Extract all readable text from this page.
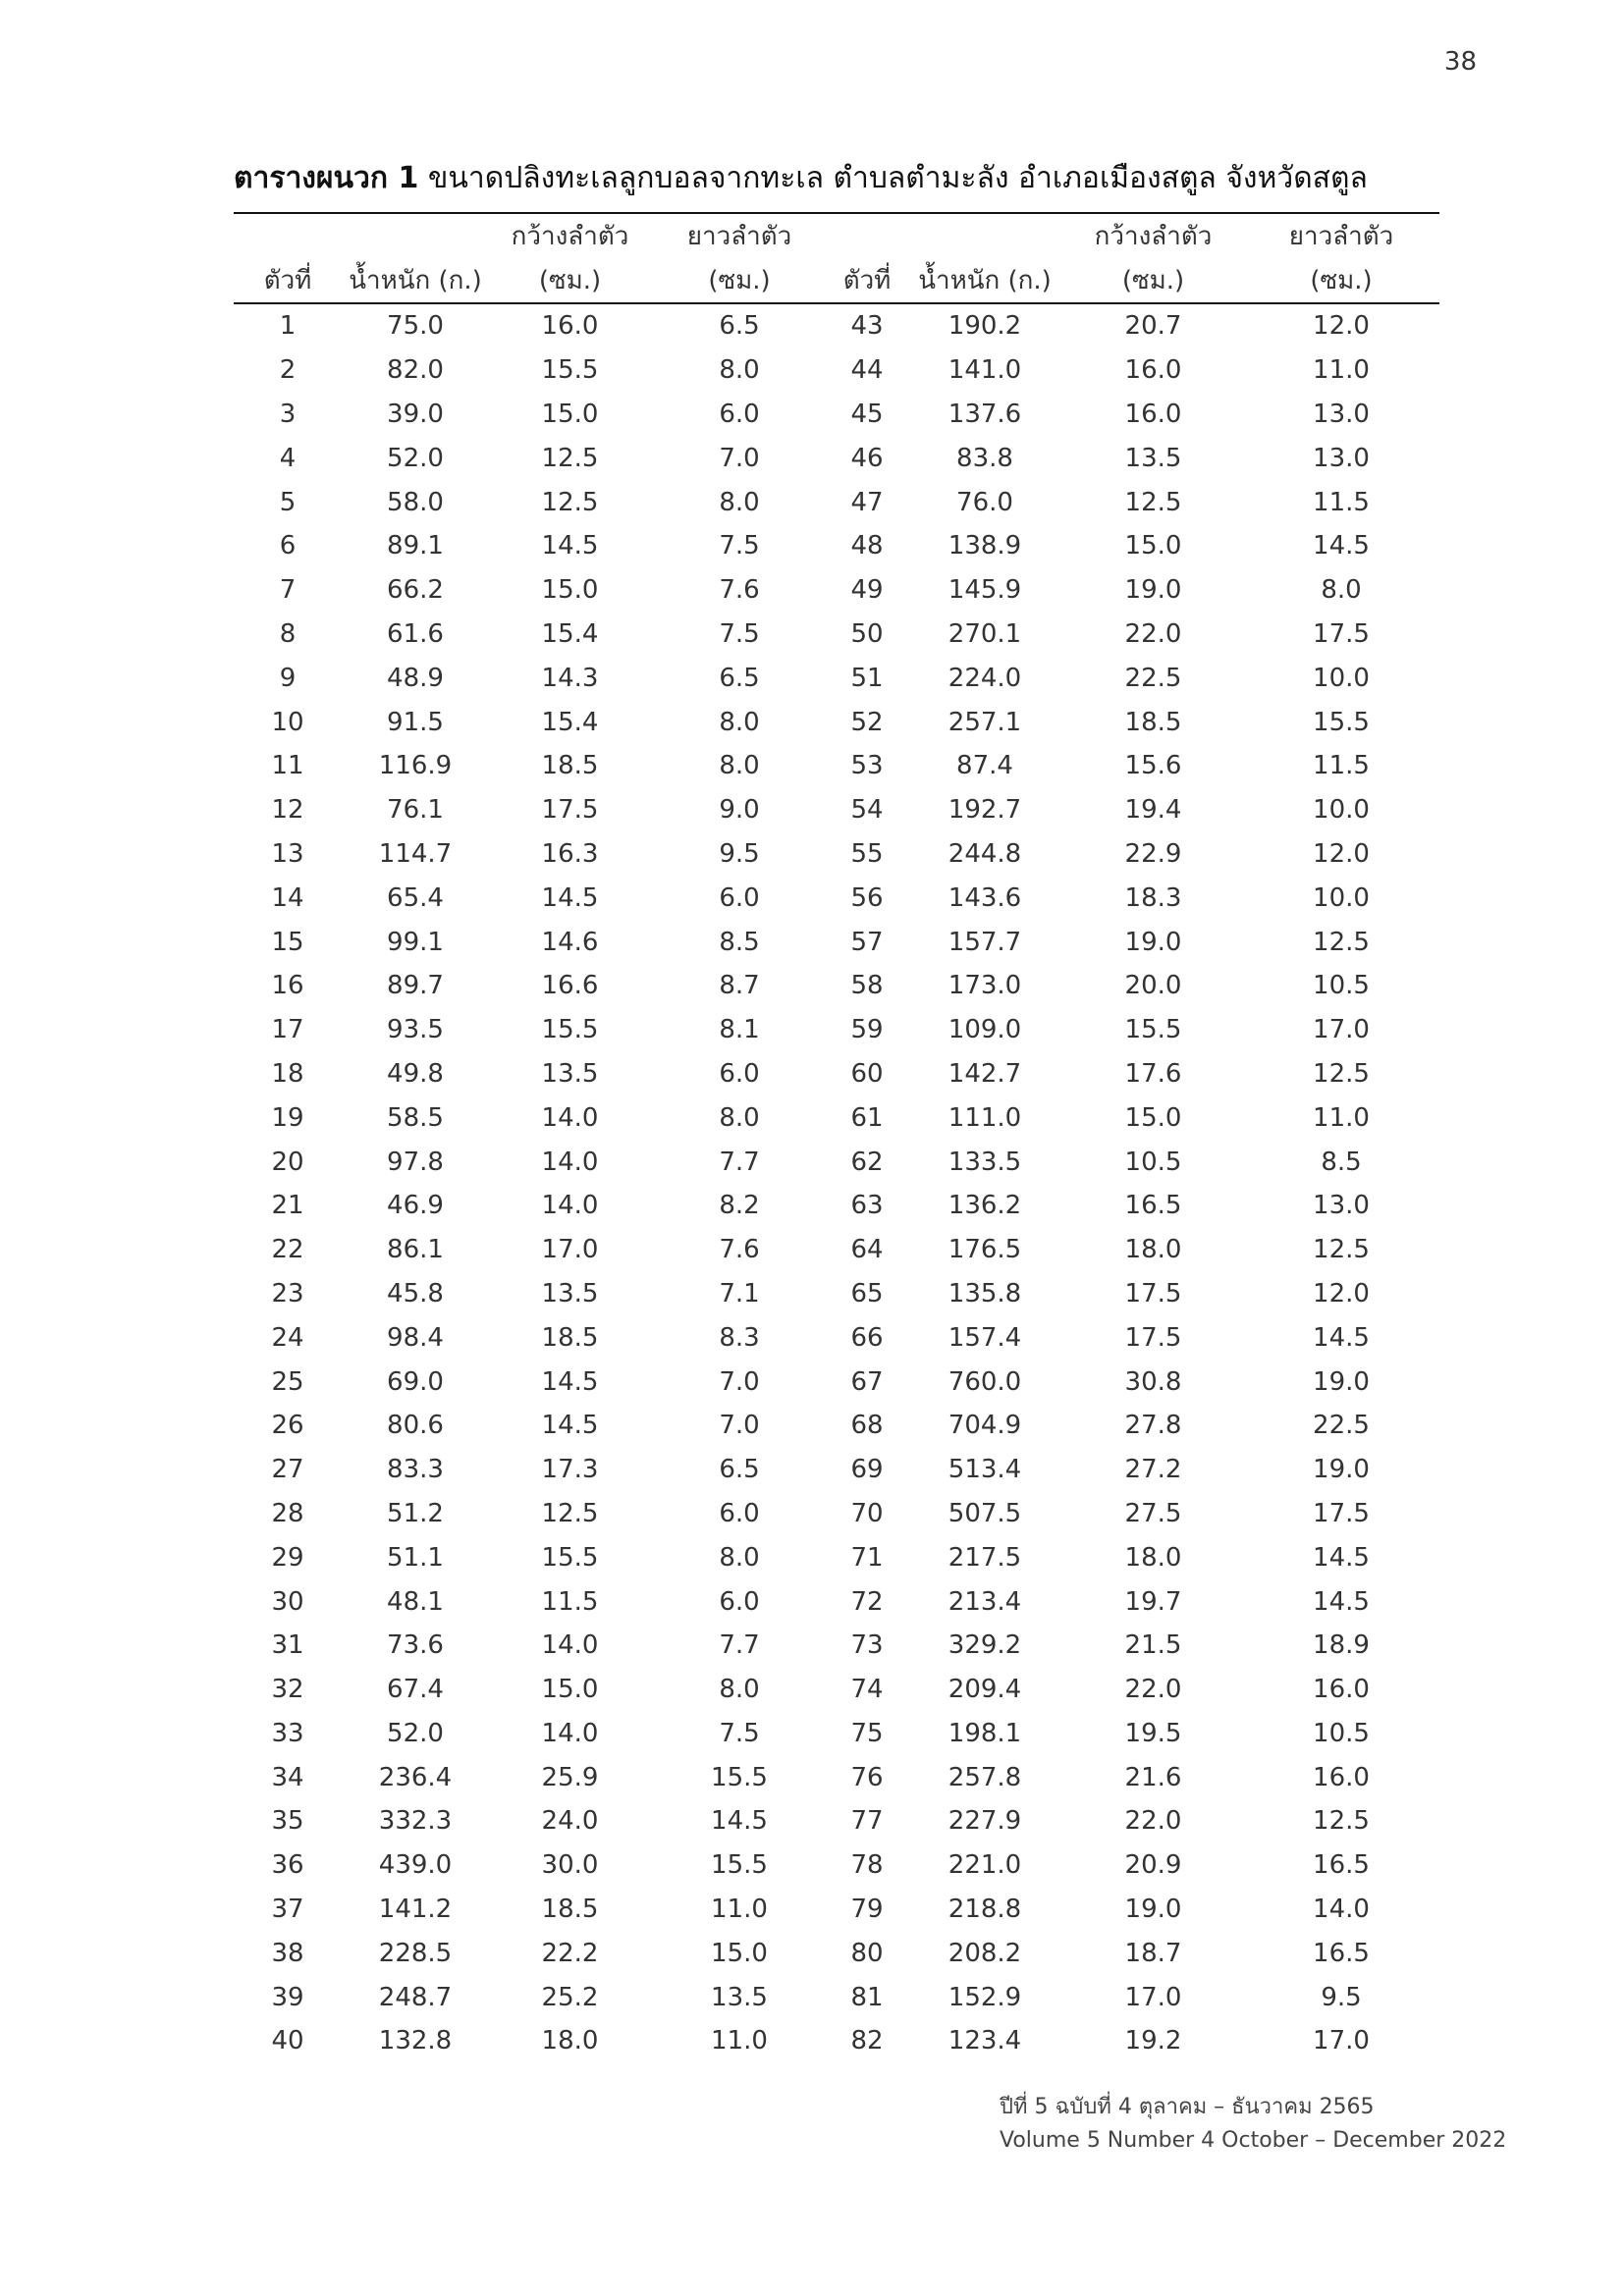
38
ตารางผนวก 1 ขนาดปลิงทะเลลูกบอลจากทะเล ตำบลตำมะลัง อำเภอเมืองสตูล จังหวัดสตูล
		กว้างลำตัว	ยาวลำตัว			กว้างลำตัว	ยาวลำตัว
ตัวที่	น้ำหนัก (ก.)	(ซม.)	(ซม.)	ตัวที่	น้ำหนัก (ก.)	(ซม.)	(ซม.)
1	75.0	16.0	6.5	43	190.2	20.7	12.0
2	82.0	15.5	8.0	44	141.0	16.0	11.0
3	39.0	15.0	6.0	45	137.6	16.0	13.0
4	52.0	12.5	7.0	46	83.8	13.5	13.0
5	58.0	12.5	8.0	47	76.0	12.5	11.5
6	89.1	14.5	7.5	48	138.9	15.0	14.5
7	66.2	15.0	7.6	49	145.9	19.0	8.0
8	61.6	15.4	7.5	50	270.1	22.0	17.5
9	48.9	14.3	6.5	51	224.0	22.5	10.0
10	91.5	15.4	8.0	52	257.1	18.5	15.5
11	116.9	18.5	8.0	53	87.4	15.6	11.5
12	76.1	17.5	9.0	54	192.7	19.4	10.0
13	114.7	16.3	9.5	55	244.8	22.9	12.0
14	65.4	14.5	6.0	56	143.6	18.3	10.0
15	99.1	14.6	8.5	57	157.7	19.0	12.5
16	89.7	16.6	8.7	58	173.0	20.0	10.5
17	93.5	15.5	8.1	59	109.0	15.5	17.0
18	49.8	13.5	6.0	60	142.7	17.6	12.5
19	58.5	14.0	8.0	61	111.0	15.0	11.0
20	97.8	14.0	7.7	62	133.5	10.5	8.5
21	46.9	14.0	8.2	63	136.2	16.5	13.0
22	86.1	17.0	7.6	64	176.5	18.0	12.5
23	45.8	13.5	7.1	65	135.8	17.5	12.0
24	98.4	18.5	8.3	66	157.4	17.5	14.5
25	69.0	14.5	7.0	67	760.0	30.8	19.0
26	80.6	14.5	7.0	68	704.9	27.8	22.5
27	83.3	17.3	6.5	69	513.4	27.2	19.0
28	51.2	12.5	6.0	70	507.5	27.5	17.5
29	51.1	15.5	8.0	71	217.5	18.0	14.5
30	48.1	11.5	6.0	72	213.4	19.7	14.5
31	73.6	14.0	7.7	73	329.2	21.5	18.9
32	67.4	15.0	8.0	74	209.4	22.0	16.0
33	52.0	14.0	7.5	75	198.1	19.5	10.5
34	236.4	25.9	15.5	76	257.8	21.6	16.0
35	332.3	24.0	14.5	77	227.9	22.0	12.5
36	439.0	30.0	15.5	78	221.0	20.9	16.5
37	141.2	18.5	11.0	79	218.8	19.0	14.0
38	228.5	22.2	15.0	80	208.2	18.7	16.5
39	248.7	25.2	13.5	81	152.9	17.0	9.5
40	132.8	18.0	11.0	82	123.4	19.2	17.0
ปีที่ 5 ฉบับที่ 4 ตุลาคม – ธันวาคม 2565
Volume 5 Number 4 October – December 2022
